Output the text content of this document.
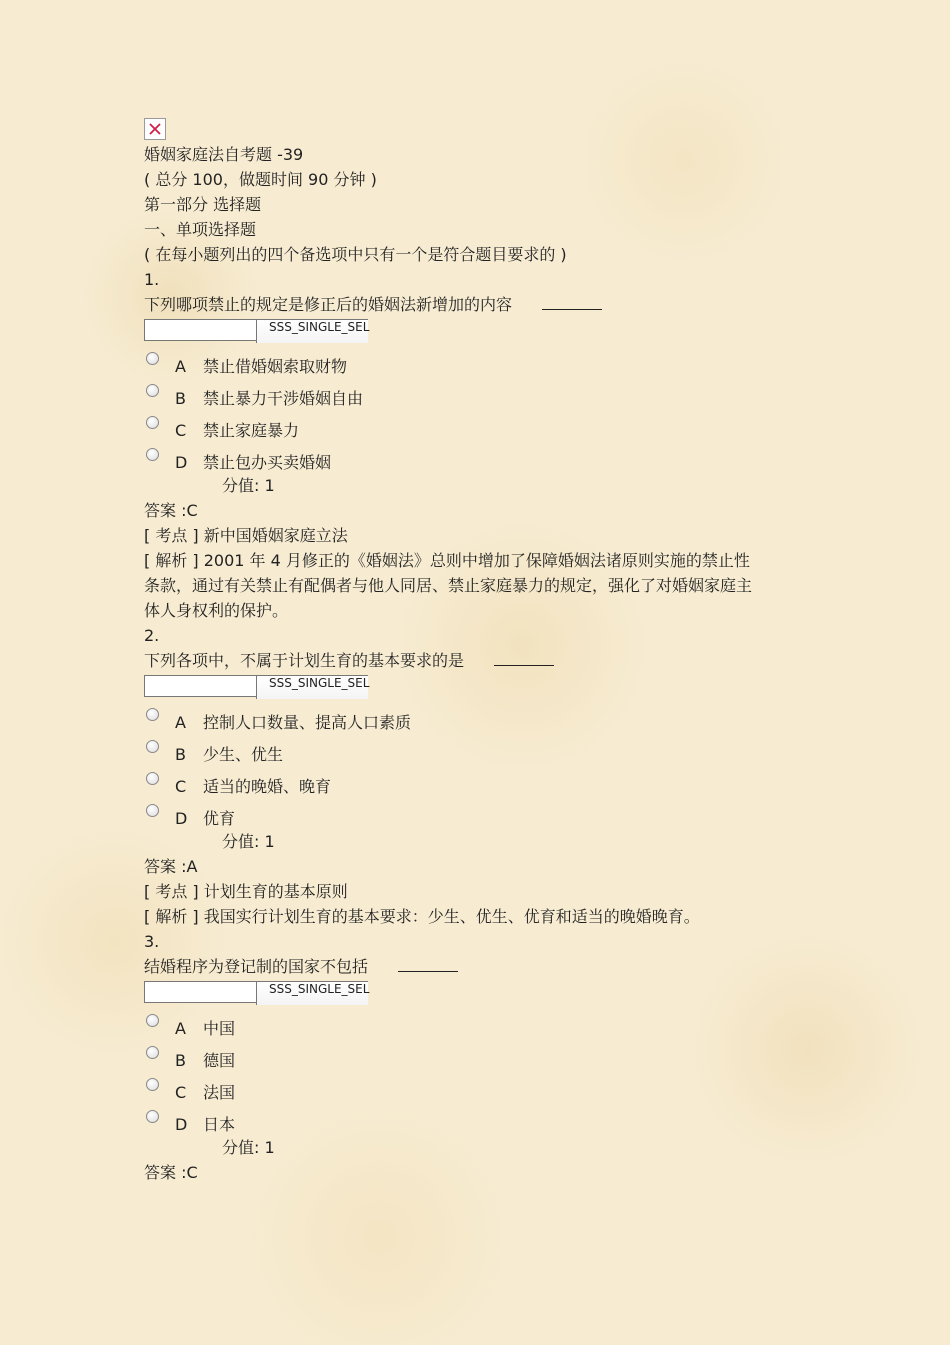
婚姻家庭法自考题 -39
( 总分 100，做题时间 90 分钟 )
第一部分 选择题
一、单项选择题
( 在每小题列出的四个备选项中只有一个是符合题目要求的 )
1.
下列哪项禁止的规定是修正后的婚姻法新增加的内容
SSS_SINGLE_SEL
A	禁止借婚姻索取财物
B	禁止暴力干涉婚姻自由
C	禁止家庭暴力
D 禁止包办买卖婚姻
分值: 1
答案 :C
[ 考点 ] 新中国婚姻家庭立法
[ 解析 ] 2001 年 4 月修正的《婚姻法》总则中增加了保障婚姻法诸原则实施的禁止性条款，通过有关禁止有配偶者与他人同居、禁止家庭暴力的规定，强化了对婚姻家庭主体人身权利的保护。
2.
下列各项中，不属于计划生育的基本要求的是
SSS_SINGLE_SEL
A	控制人口数量、提高人口素质
B	少生、优生
C	适当的晚婚、晚育
D 优育
分值: 1
答案 :A
[ 考点 ] 计划生育的基本原则
[ 解析 ] 我国实行计划生育的基本要求：少生、优生、优育和适当的晚婚晚育。
3.
结婚程序为登记制的国家不包括
SSS_SINGLE_SEL
A	中国
B	德国
C	法国
D 日本
分值: 1
答案 :C
